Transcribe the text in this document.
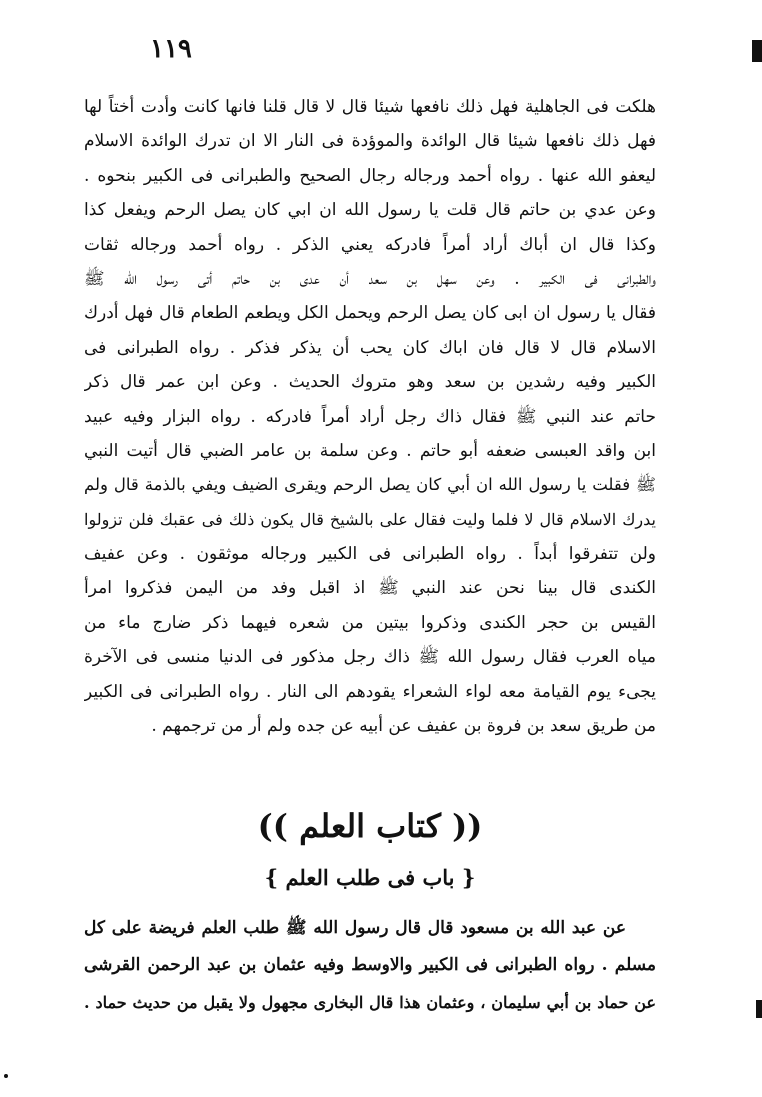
١١٩
هلكت فى الجاهلية فهل ذلك نافعها شيئا قال لا قال قلنا فانها كانت وأدت أختاً لها
فهل ذلك نافعها شيئا قال الوائدة والموؤدة فى النار الا ان تدرك الوائدة الاسلام
ليعفو الله عنها . رواه أحمد ورجاله رجال الصحيح والطبرانى فى الكبير بنحوه .
وعن عدي بن حاتم قال قلت يا رسول الله ان ابي كان يصل الرحم ويفعل كذا
وكذا قال ان أباك أراد أمراً فادركه يعني الذكر . رواه أحمد ورجاله ثقات
والطبرانى فى الكبير . وعن سهل بن سعد أن عدى بن حاتم أتى رسول الله ﷺ
فقال يا رسول ان ابى كان يصل الرحم ويحمل الكل ويطعم الطعام قال فهل أدرك
الاسلام قال لا قال فان اباك كان يحب أن يذكر فذكر . رواه الطبرانى فى
الكبير وفيه رشدين بن سعد وهو متروك الحديث . وعن ابن عمر قال ذكر
حاتم عند النبي ﷺ فقال ذاك رجل أراد أمراً فادركه . رواه البزار وفيه عبيد
ابن واقد العبسى ضعفه أبو حاتم . وعن سلمة بن عامر الضبي قال أتيت النبي
ﷺ فقلت يا رسول الله ان أبي كان يصل الرحم ويقرى الضيف ويفي بالذمة قال ولم
يدرك الاسلام قال لا فلما وليت فقال على بالشيخ قال يكون ذلك فى عقبك فلن تزولوا
ولن تتفرقوا أبداً . رواه الطبرانى فى الكبير ورجاله موثقون . وعن عفيف
الكندى قال بينا نحن عند النبي ﷺ اذ اقبل وفد من اليمن فذكروا امرأ
القيس بن حجر الكندى وذكروا بيتين من شعره فيهما ذكر ضارج ماء من
مياه العرب فقال رسول الله ﷺ ذاك رجل مذكور فى الدنيا منسى فى الآخرة
يجىء يوم القيامة معه لواء الشعراء يقودهم الى النار . رواه الطبرانى فى الكبير
من طريق سعد بن فروة بن عفيف عن أبيه عن جده ولم أر من ترجمهم .
(( كتاب العلم ))
{ باب فى طلب العلم }
عن عبد الله بن مسعود قال قال رسول الله ﷺ طلب العلم فريضة على كل
مسلم . رواه الطبرانى فى الكبير والاوسط وفيه عثمان بن عبد الرحمن القرشى
عن حماد بن أبي سليمان ، وعثمان هذا قال البخارى مجهول ولا يقبل من حديث حماد .
